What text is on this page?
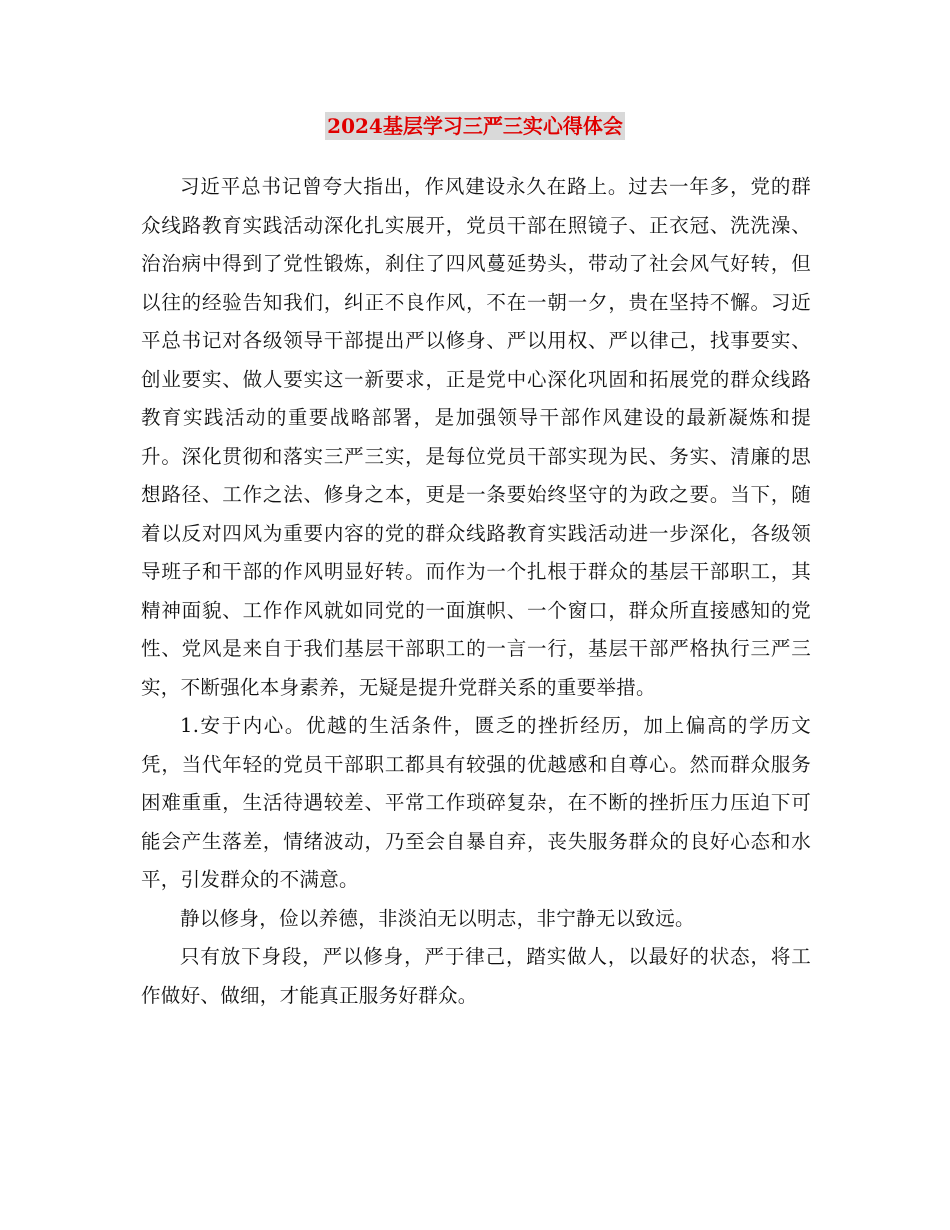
2024基层学习三严三实心得体会

习近平总书记曾夸大指出，作风建设永久在路上。过去一年多，党的群众线路教育实践活动深化扎实展开，党员干部在照镜子、正衣冠、洗洗澡、治治病中得到了党性锻炼，刹住了四风蔓延势头，带动了社会风气好转，但以往的经验告知我们，纠正不良作风，不在一朝一夕，贵在坚持不懈。习近平总书记对各级领导干部提出严以修身、严以用权、严以律己，找事要实、创业要实、做人要实这一新要求，正是党中心深化巩固和拓展党的群众线路教育实践活动的重要战略部署，是加强领导干部作风建设的最新凝炼和提升。深化贯彻和落实三严三实，是每位党员干部实现为民、务实、清廉的思想路径、工作之法、修身之本，更是一条要始终坚守的为政之要。当下，随着以反对四风为重要内容的党的群众线路教育实践活动进一步深化，各级领导班子和干部的作风明显好转。而作为一个扎根于群众的基层干部职工，其精神面貌、工作作风就如同党的一面旗帜、一个窗口，群众所直接感知的党性、党风是来自于我们基层干部职工的一言一行，基层干部严格执行三严三实，不断强化本身素养，无疑是提升党群关系的重要举措。

1.安于内心。优越的生活条件，匮乏的挫折经历，加上偏高的学历文凭，当代年轻的党员干部职工都具有较强的优越感和自尊心。然而群众服务困难重重，生活待遇较差、平常工作琐碎复杂，在不断的挫折压力压迫下可能会产生落差，情绪波动，乃至会自暴自弃，丧失服务群众的良好心态和水平，引发群众的不满意。

静以修身，俭以养德，非淡泊无以明志，非宁静无以致远。

只有放下身段，严以修身，严于律己，踏实做人，以最好的状态，将工作做好、做细，才能真正服务好群众。
